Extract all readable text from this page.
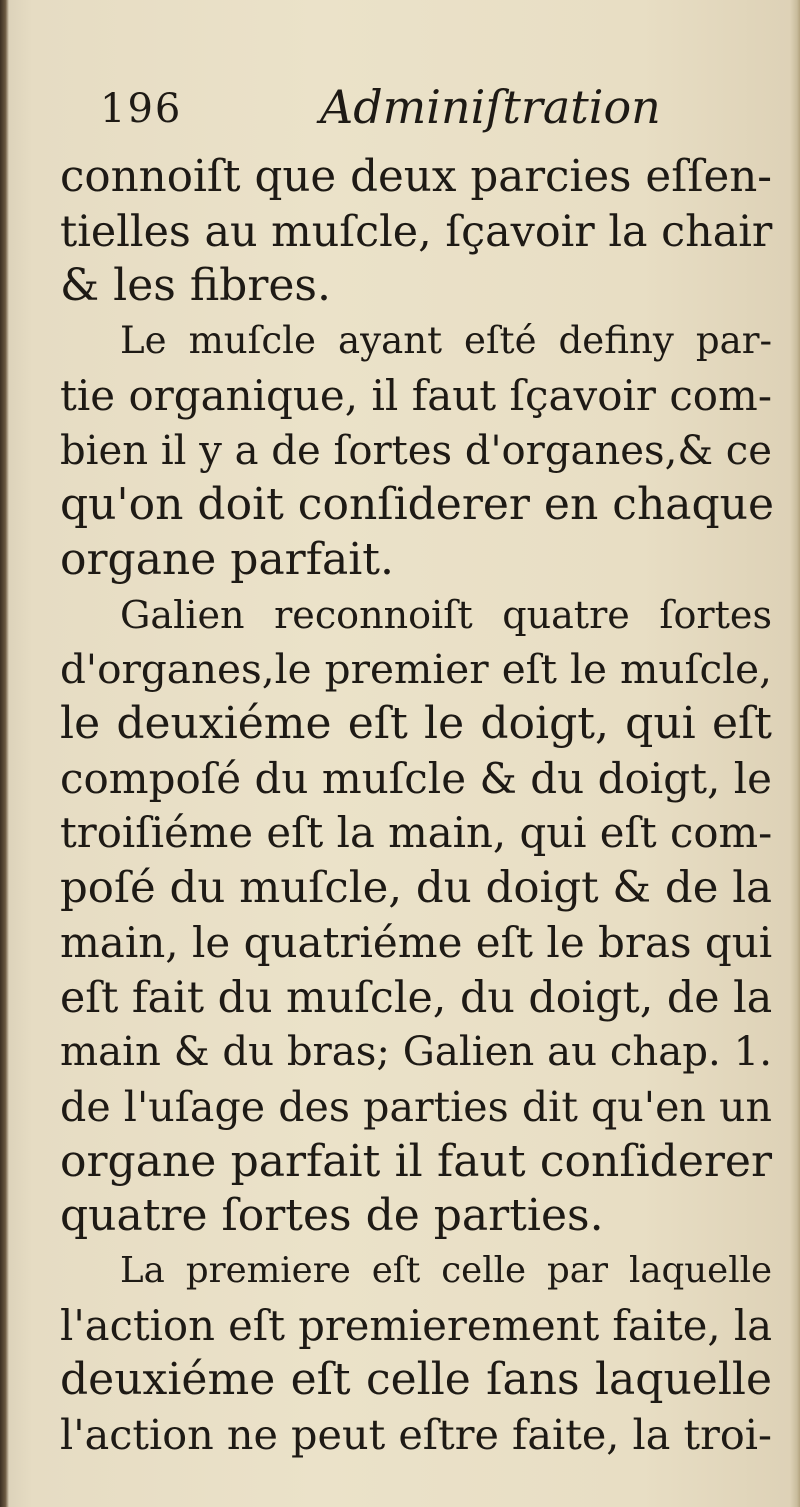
196	Adminiſtration

connoiſt que deux parcies eſſen-
tielles au muſcle, ſçavoir la chair
& les fibres.

Le muſcle ayant eſté definy par-
tie organique, il faut ſçavoir com-
bien il y a de ſortes d'organes,& ce
qu'on doit conſiderer en chaque
organe parfait.

Galien reconnoiſt quatre ſortes
d'organes,le premier eſt le muſcle,
le deuxiéme eſt le doigt, qui eſt
compoſé du muſcle & du doigt, le
troiſiéme eſt la main, qui eſt com-
poſé du muſcle, du doigt & de la
main, le quatriéme eſt le bras qui
eſt fait du muſcle, du doigt, de la
main & du bras; Galien au chap. 1.
de l'uſage des parties dit qu'en un
organe parfait il faut conſiderer
quatre ſortes de parties.

La premiere eſt celle par laquelle
l'action eſt premierement faite, la
deuxiéme eſt celle ſans laquelle
l'action ne peut eſtre faite, la troi-
